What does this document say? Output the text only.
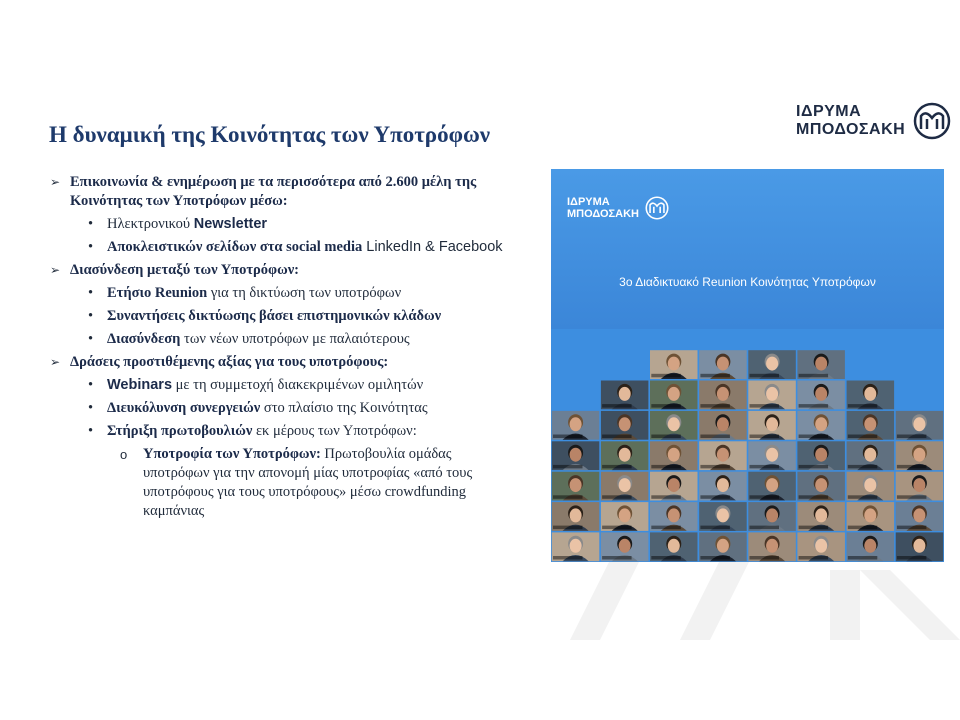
ΙΔΡΥΜΑ
ΜΠΟΔΟΣΑΚΗ
Η δυναμική της Κοινότητας των Υποτρόφων
➢ Επικοινωνία & ενημέρωση με τα περισσότερα από 2.600 μέλη της Κοινότητας των Υποτρόφων μέσω:
• Ηλεκτρονικού Newsletter
• Αποκλειστικών σελίδων στα social media LinkedIn & Facebook
➢ Διασύνδεση μεταξύ των Υποτρόφων:
• Ετήσιο Reunion για τη δικτύωση των υποτρόφων
• Συναντήσεις δικτύωσης βάσει επιστημονικών κλάδων
• Διασύνδεση των νέων υποτρόφων με παλαιότερους
➢ Δράσεις προστιθέμενης αξίας για τους υποτρόφους:
• Webinars με τη συμμετοχή διακεκριμένων ομιλητών
• Διευκόλυνση συνεργειών στο πλαίσιο της Κοινότητας
• Στήριξη πρωτοβουλιών εκ μέρους των Υποτρόφων:
o Υποτροφία των Υποτρόφων: Πρωτοβουλία ομάδας υποτρόφων για την απονομή μίας υποτροφίας «από τους υποτρόφους για τους υποτρόφους» μέσω crowdfunding καμπάνιας
ΙΔΡΥΜΑ
ΜΠΟΔΟΣΑΚΗ
3ο Διαδικτυακό Reunion Κοινότητας Υποτρόφων
